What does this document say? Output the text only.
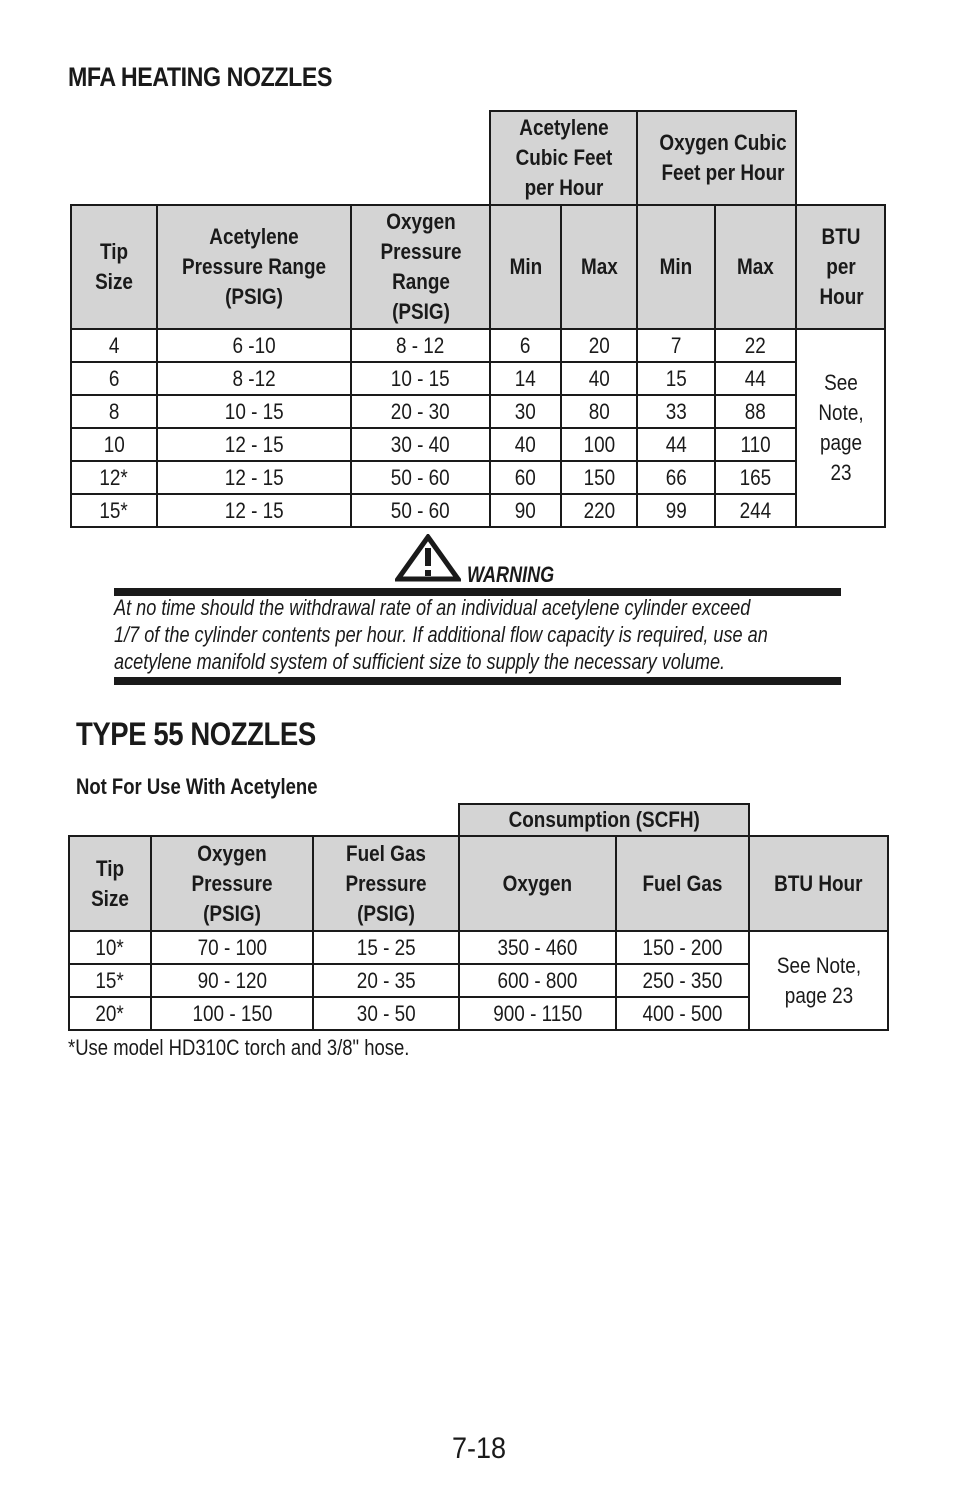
MFA HEATING NOZZLES
			Acetylene Cubic Feet per Hour		Oxygen Cubic Feet per Hour		
Tip Size	Acetylene Pressure Range (PSIG)	Oxygen Pressure Range (PSIG)	Min	Max	Min	Max	BTU per Hour
4	6 -10	8 - 12	6	20	7	22	See Note, page 23
6	8 -12	10 - 15	14	40	15	44	
8	10 - 15	20 - 30	30	80	33	88	
10	12 - 15	30 - 40	40	100	44	110	
12*	12 - 15	50 - 60	60	150	66	165	
15*	12 - 15	50 - 60	90	220	99	244	
WARNING
At no time should the withdrawal rate of an individual acetylene cylinder exceed
1/7 of the cylinder contents per hour. If additional flow capacity is required, use an
acetylene manifold system of sufficient size to supply the necessary volume.
TYPE 55 NOZZLES
Not For Use With Acetylene
			Consumption (SCFH)		
Tip Size	Oxygen Pressure (PSIG)	Fuel Gas Pressure (PSIG)	Oxygen	Fuel Gas	BTU Hour
10*	70 - 100	15 - 25	350 - 460	150 - 200	See Note, page 23
15*	90 - 120	20 - 35	600 - 800	250 - 350	
20*	100 - 150	30 - 50	900 - 1150	400 - 500	
*Use model HD310C torch and 3/8" hose.
7-18
